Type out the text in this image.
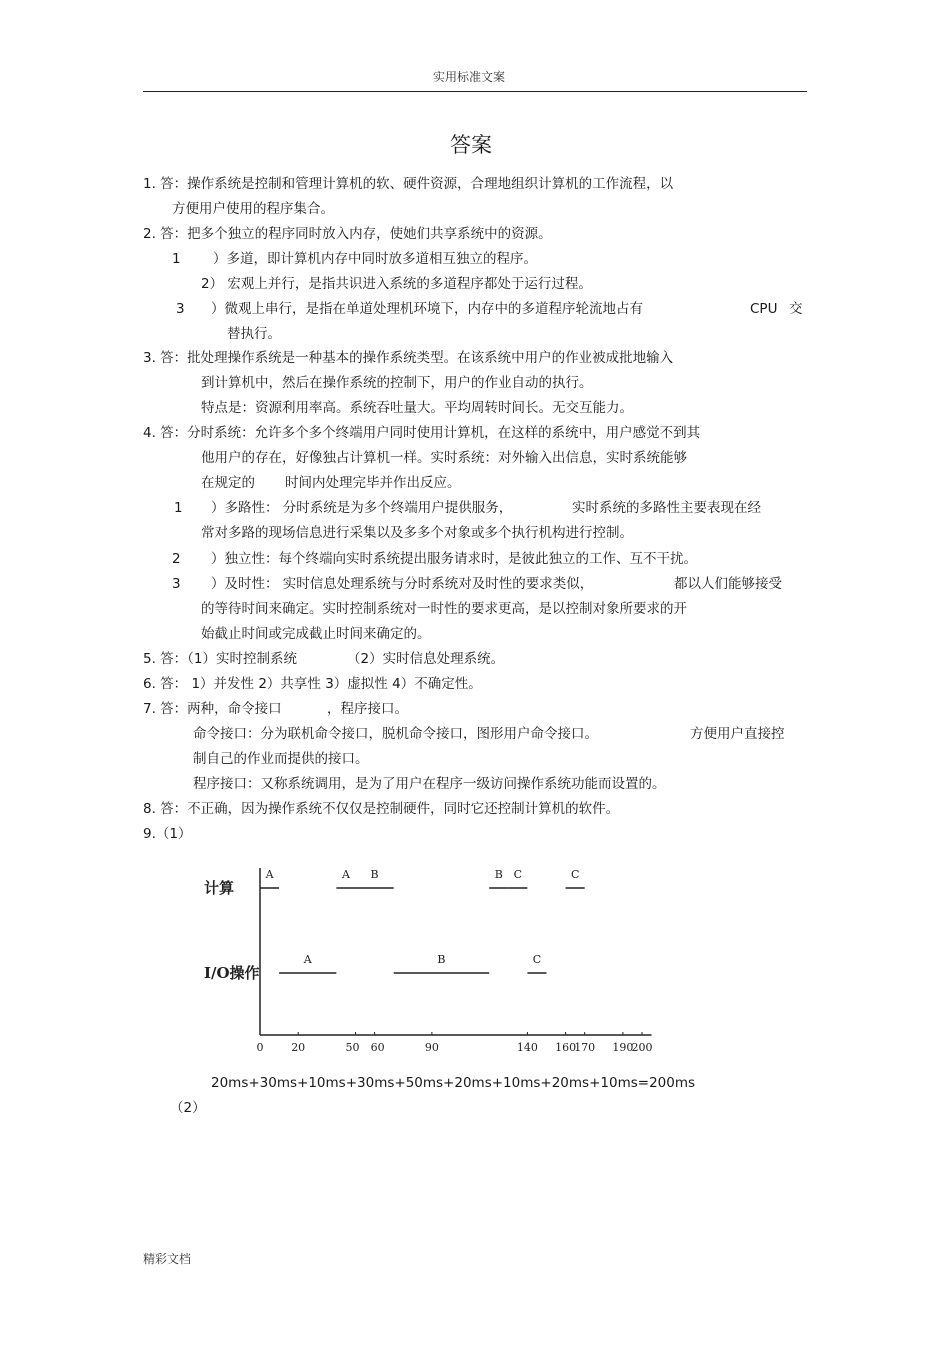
实用标准文案
答案
1. 答：操作系统是控制和管理计算机的软、硬件资源，合理地组织计算机的工作流程，以
方便用户使用的程序集合。
2. 答：把多个独立的程序同时放入内存，使她们共享系统中的资源。
1 ）多道，即计算机内存中同时放多道相互独立的程序。
2） 宏观上并行，是指共识进入系统的多道程序都处于运行过程。
3 ）微观上串行，是指在单道处理机环境下，内存中的多道程序轮流地占有	CPU 交
替执行。
3. 答：批处理操作系统是一种基本的操作系统类型。在该系统中用户的作业被成批地输入
到计算机中，然后在操作系统的控制下，用户的作业自动的执行。
特点是：资源利用率高。系统吞吐量大。平均周转时间长。无交互能力。
4. 答：分时系统：允许多个多个终端用户同时使用计算机，在这样的系统中，用户感觉不到其
他用户的存在，好像独占计算机一样。实时系统：对外输入出信息，实时系统能够
在规定的 时间内处理完毕并作出反应。
1 ）多路性： 分时系统是为多个终端用户提供服务，	实时系统的多路性主要表现在经
常对多路的现场信息进行采集以及多多个对象或多个执行机构进行控制。
2 ）独立性：每个终端向实时系统提出服务请求时，是彼此独立的工作、互不干扰。
3 ）及时性： 实时信息处理系统与分时系统对及时性的要求类似，	都以人们能够接受
的等待时间来确定。实时控制系统对一时性的要求更高，是以控制对象所要求的开
始截止时间或完成截止时间来确定的。
5. 答：（1）实时控制系统	（2）实时信息处理系统。
6. 答： 1）并发性 2）共享性 3）虚拟性 4）不确定性。
7. 答：两种，命令接口	，程序接口。
命令接口：分为联机命令接口，脱机命令接口，图形用户命令接口。	方便用户直接控
制自己的作业而提供的接口。
程序接口：又称系统调用，是为了用户在程序一级访问操作系统功能而设置的。
8. 答：不正确，因为操作系统不仅仅是控制硬件，同时它还控制计算机的软件。
9.（1）
计算
I/O操作
0	20	50 60	90	140 160
170 190
200
A	A B	B C	C
A	B	C
20ms+30ms+10ms+30ms+50ms+20ms+10ms+20ms+10ms=200ms
（2）
精彩文档
